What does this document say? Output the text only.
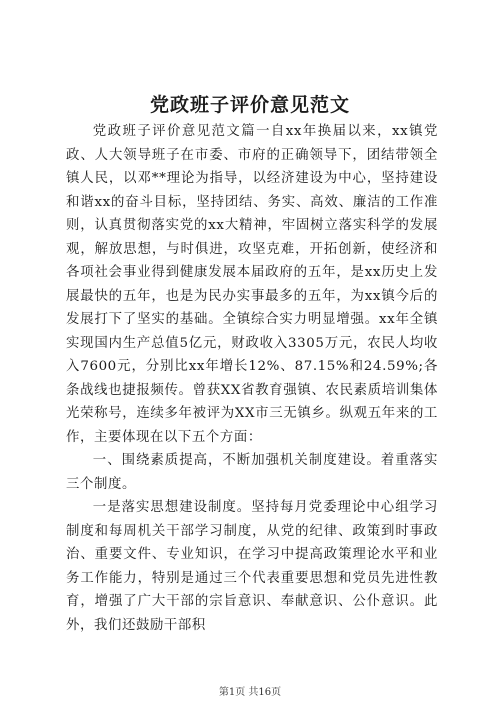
党政班子评价意见范文

党政班子评价意见范文篇一自xx年换届以来，xx镇党政、人大领导班子在市委、市府的正确领导下，团结带领全镇人民，以邓**理论为指导，以经济建设为中心，坚持建设和谐xx的奋斗目标，坚持团结、务实、高效、廉洁的工作准则，认真贯彻落实党的xx大精神，牢固树立落实科学的发展观，解放思想，与时俱进，攻坚克难，开拓创新，使经济和各项社会事业得到健康发展本届政府的五年，是xx历史上发展最快的五年，也是为民办实事最多的五年，为xx镇今后的发展打下了坚实的基础。全镇综合实力明显增强。xx年全镇实现国内生产总值5亿元，财政收入3305万元，农民人均收入7600元，分别比xx年增长12%、87.15%和24.59%;各条战线也捷报频传。曾获XX省教育强镇、农民素质培训集体光荣称号，连续多年被评为XX市三无镇乡。纵观五年来的工作，主要体现在以下五个方面：

一、围绕素质提高，不断加强机关制度建设。着重落实三个制度。

一是落实思想建设制度。坚持每月党委理论中心组学习制度和每周机关干部学习制度，从党的纪律、政策到时事政治、重要文件、专业知识，在学习中提高政策理论水平和业务工作能力，特别是通过三个代表重要思想和党员先进性教育，增强了广大干部的宗旨意识、奉献意识、公仆意识。此外，我们还鼓励干部积

第1页 共16页
